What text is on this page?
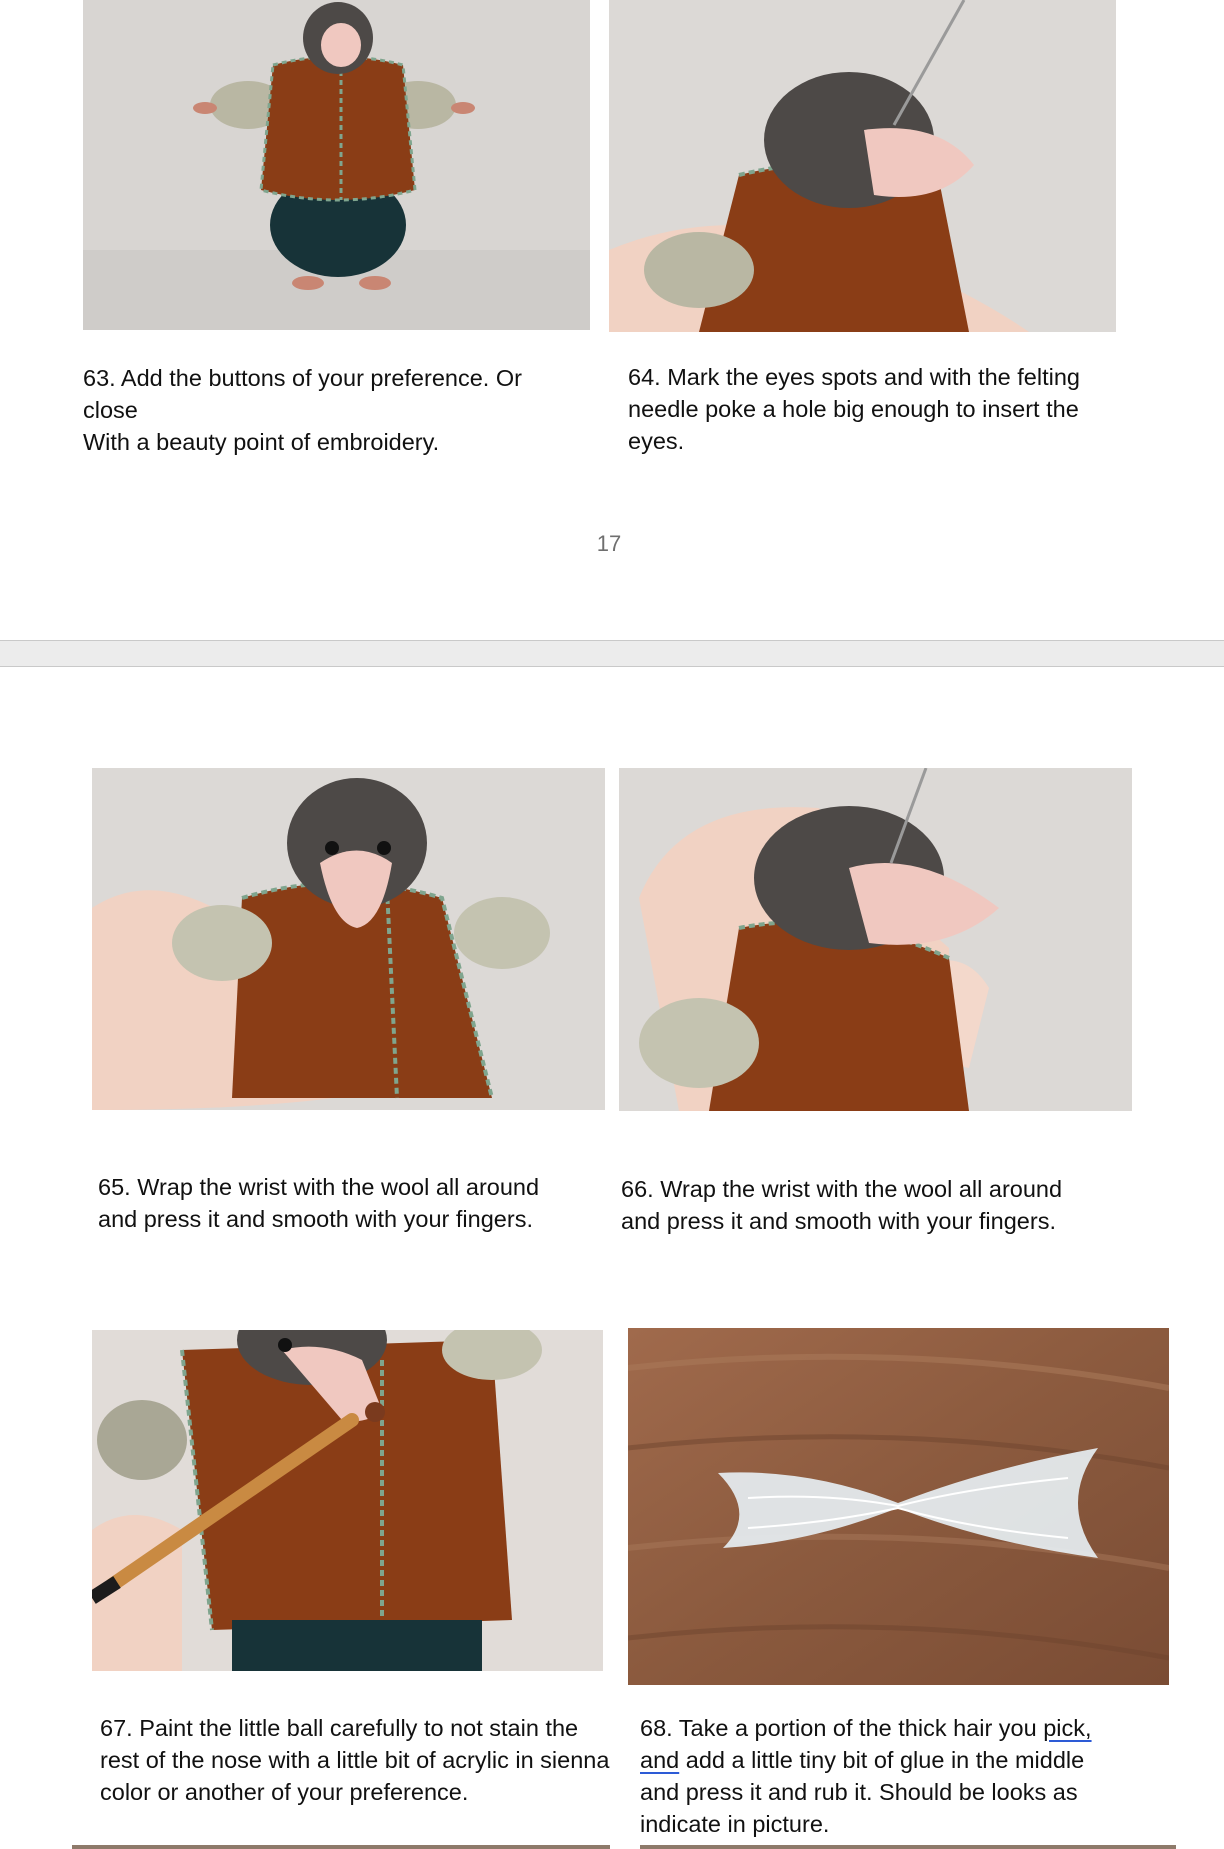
63. Add the buttons of your preference. Or close
With a beauty point of embroidery.
64. Mark the eyes spots and with the felting needle poke a hole big enough to insert the eyes.
17
65. Wrap the wrist with the wool all around and press it and smooth with your fingers.
66. Wrap the wrist with the wool all around and press it and smooth with your fingers.
67. Paint the little ball carefully to not stain the rest of the nose with a little bit of acrylic in sienna color or another of your preference.
68. Take a portion of the thick hair you pick, and add a little tiny bit of glue in the middle and press it and rub it. Should be looks as indicate in picture.
